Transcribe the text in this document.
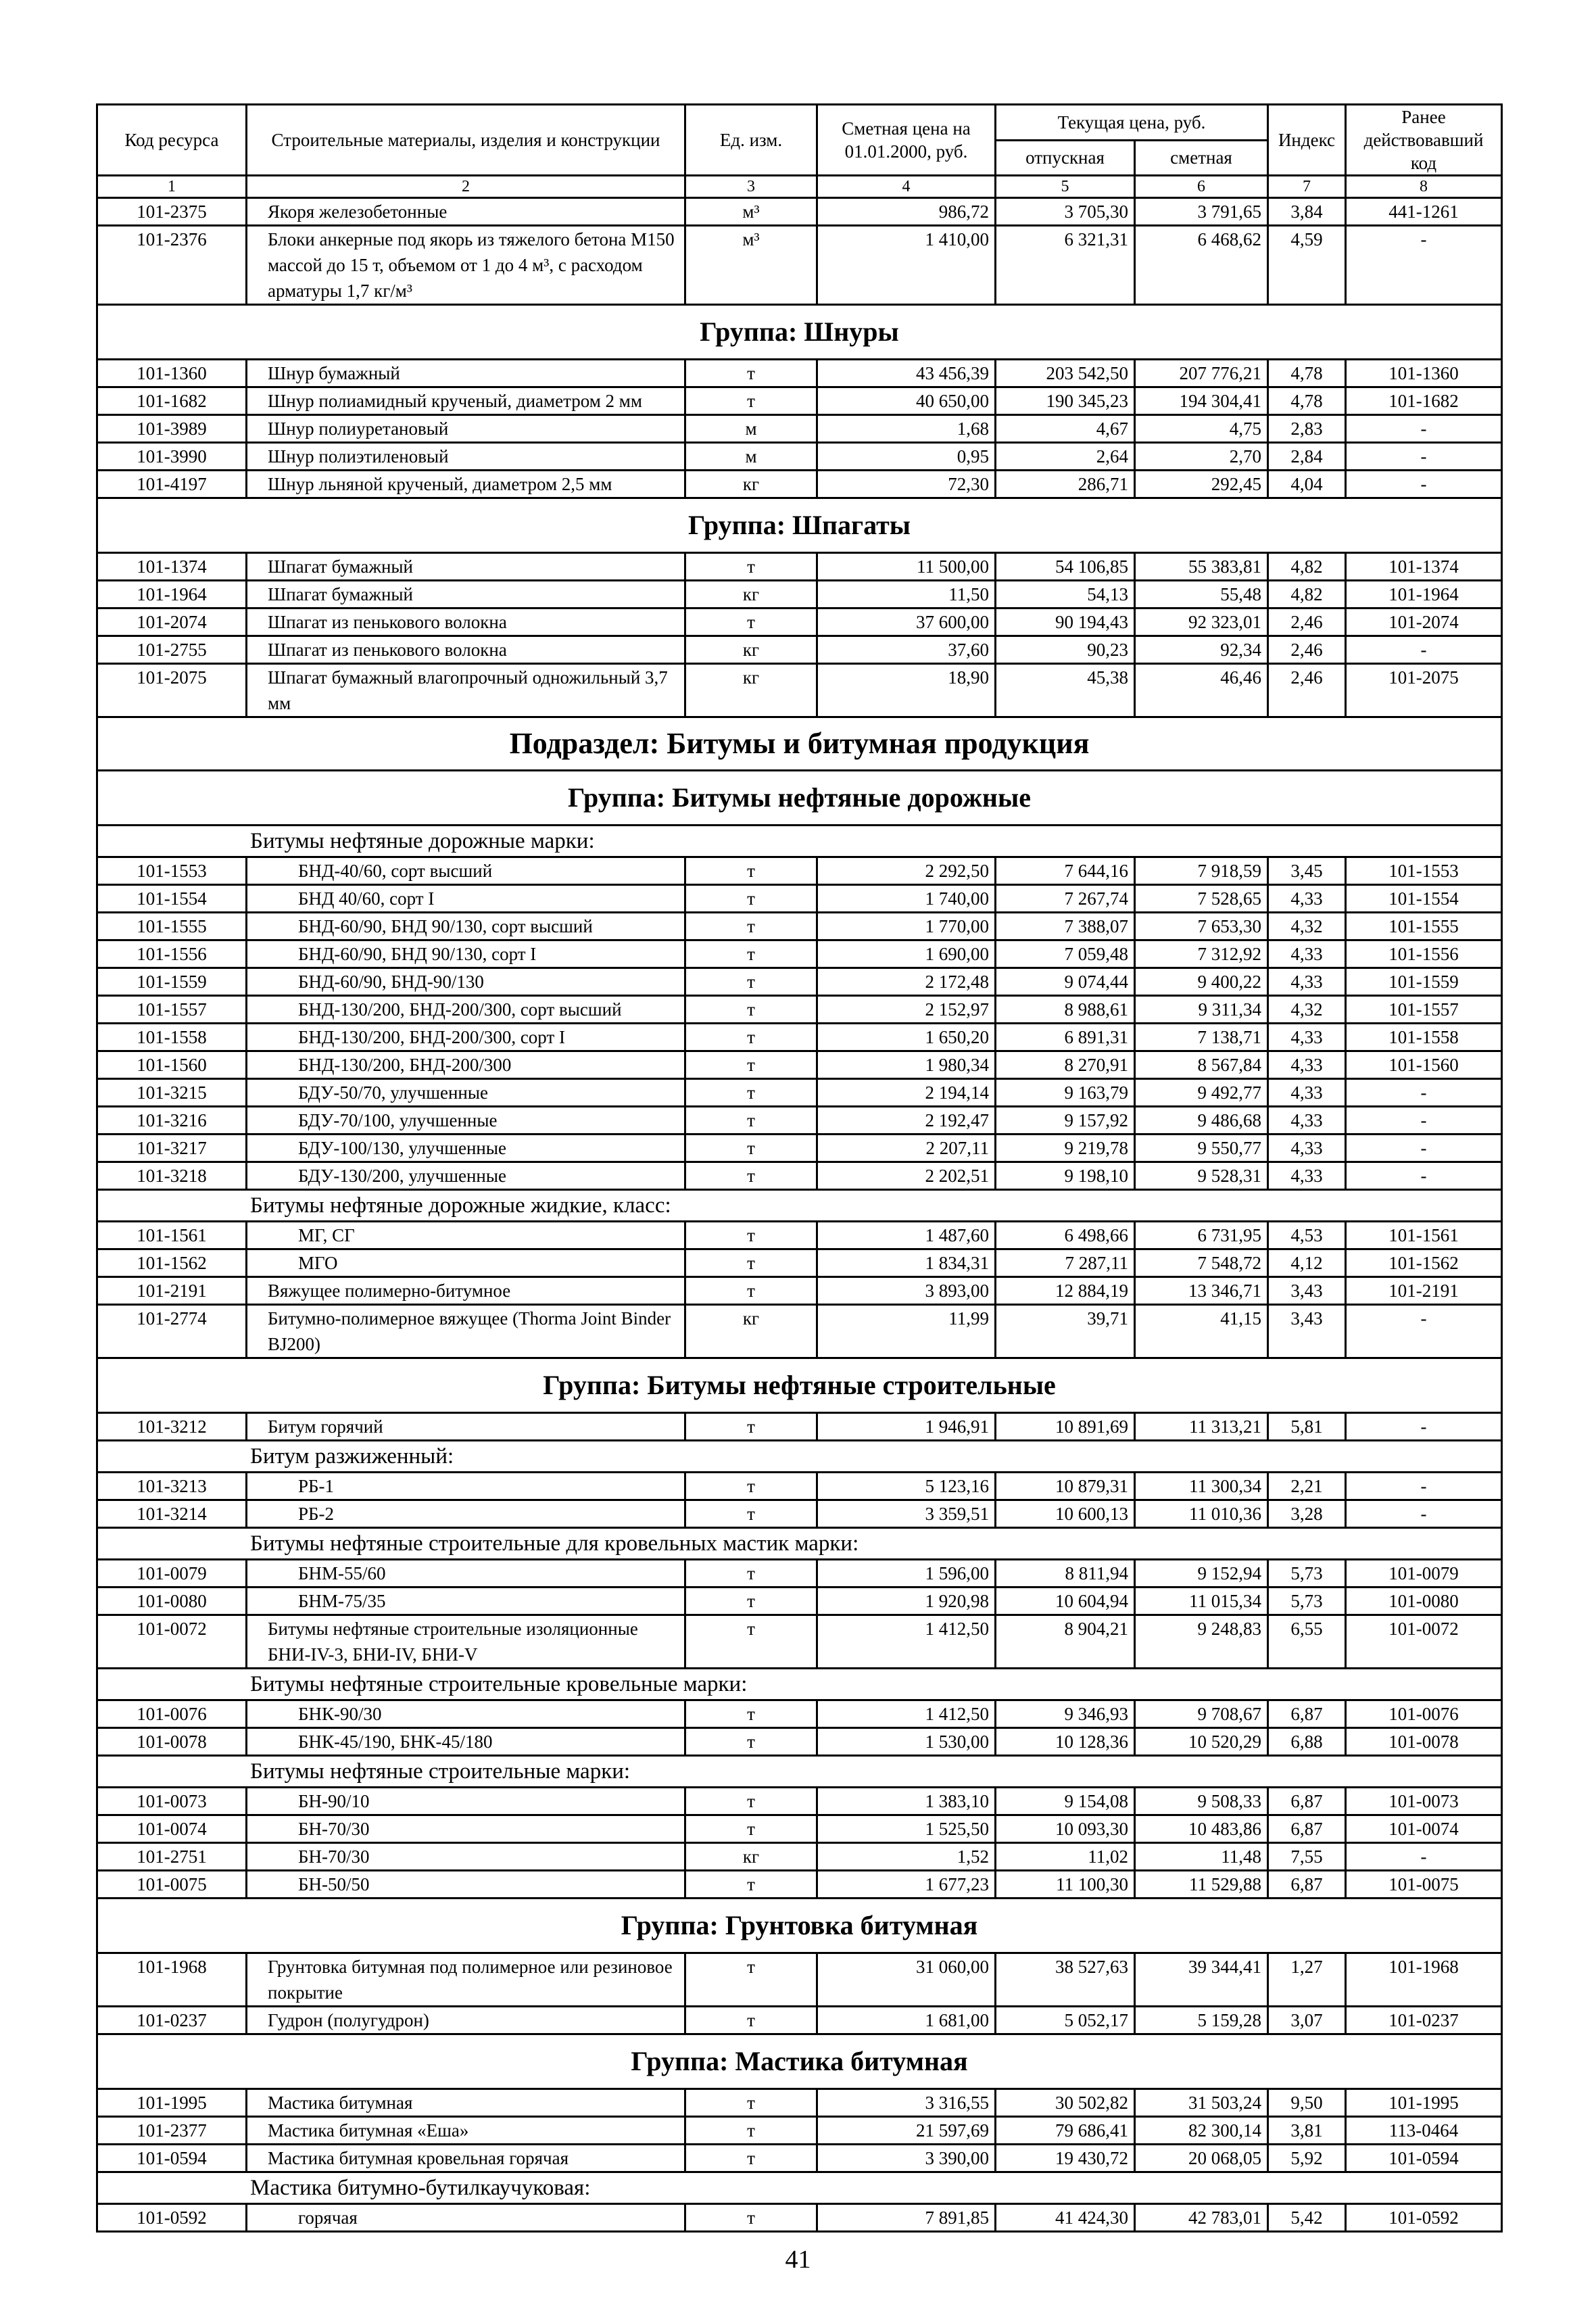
Код ресурса	Строительные материалы, изделия и конструкции	Ед. изм.	Сметная цена на 01.01.2000, руб.	Текущая цена, руб.		Индекс	Ранее действовавший код
				отпускная	сметная		
1	2	3	4	5	6	7	8
101-2375	Якоря железобетонные	м³	986,72	3 705,30	3 791,65	3,84	441-1261
101-2376	Блоки анкерные под якорь из тяжелого бетона М150 массой до 15 т, объемом от 1 до 4 м³, с расходом арматуры 1,7 кг/м³	м³	1 410,00	6 321,31	6 468,62	4,59	-
Группа: Шнуры							
101-1360	Шнур бумажный	т	43 456,39	203 542,50	207 776,21	4,78	101-1360
101-1682	Шнур полиамидный крученый, диаметром 2 мм	т	40 650,00	190 345,23	194 304,41	4,78	101-1682
101-3989	Шнур полиуретановый	м	1,68	4,67	4,75	2,83	-
101-3990	Шнур полиэтиленовый	м	0,95	2,64	2,70	2,84	-
101-4197	Шнур льняной крученый, диаметром 2,5 мм	кг	72,30	286,71	292,45	4,04	-
Группа: Шпагаты							
101-1374	Шпагат бумажный	т	11 500,00	54 106,85	55 383,81	4,82	101-1374
101-1964	Шпагат бумажный	кг	11,50	54,13	55,48	4,82	101-1964
101-2074	Шпагат из пенькового волокна	т	37 600,00	90 194,43	92 323,01	2,46	101-2074
101-2755	Шпагат из пенькового волокна	кг	37,60	90,23	92,34	2,46	-
101-2075	Шпагат бумажный влагопрочный одножильный 3,7 мм	кг	18,90	45,38	46,46	2,46	101-2075
Подраздел: Битумы и битумная продукция							
Группа: Битумы нефтяные дорожные							
Битумы нефтяные дорожные марки:							
101-1553	БНД-40/60, сорт высший	т	2 292,50	7 644,16	7 918,59	3,45	101-1553
101-1554	БНД 40/60, сорт I	т	1 740,00	7 267,74	7 528,65	4,33	101-1554
101-1555	БНД-60/90, БНД 90/130, сорт высший	т	1 770,00	7 388,07	7 653,30	4,32	101-1555
101-1556	БНД-60/90, БНД 90/130, сорт I	т	1 690,00	7 059,48	7 312,92	4,33	101-1556
101-1559	БНД-60/90, БНД-90/130	т	2 172,48	9 074,44	9 400,22	4,33	101-1559
101-1557	БНД-130/200, БНД-200/300, сорт высший	т	2 152,97	8 988,61	9 311,34	4,32	101-1557
101-1558	БНД-130/200, БНД-200/300, сорт I	т	1 650,20	6 891,31	7 138,71	4,33	101-1558
101-1560	БНД-130/200, БНД-200/300	т	1 980,34	8 270,91	8 567,84	4,33	101-1560
101-3215	БДУ-50/70, улучшенные	т	2 194,14	9 163,79	9 492,77	4,33	-
101-3216	БДУ-70/100, улучшенные	т	2 192,47	9 157,92	9 486,68	4,33	-
101-3217	БДУ-100/130, улучшенные	т	2 207,11	9 219,78	9 550,77	4,33	-
101-3218	БДУ-130/200, улучшенные	т	2 202,51	9 198,10	9 528,31	4,33	-
Битумы нефтяные дорожные жидкие, класс:							
101-1561	МГ, СГ	т	1 487,60	6 498,66	6 731,95	4,53	101-1561
101-1562	МГО	т	1 834,31	7 287,11	7 548,72	4,12	101-1562
101-2191	Вяжущее полимерно-битумное	т	3 893,00	12 884,19	13 346,71	3,43	101-2191
101-2774	Битумно-полимерное вяжущее (Thorma Joint Binder BJ200)	кг	11,99	39,71	41,15	3,43	-
Группа: Битумы нефтяные строительные							
101-3212	Битум горячий	т	1 946,91	10 891,69	11 313,21	5,81	-
Битум разжиженный:							
101-3213	РБ-1	т	5 123,16	10 879,31	11 300,34	2,21	-
101-3214	РБ-2	т	3 359,51	10 600,13	11 010,36	3,28	-
Битумы нефтяные строительные для кровельных мастик марки:							
101-0079	БНМ-55/60	т	1 596,00	8 811,94	9 152,94	5,73	101-0079
101-0080	БНМ-75/35	т	1 920,98	10 604,94	11 015,34	5,73	101-0080
101-0072	Битумы нефтяные строительные изоляционные БНИ-IV-3, БНИ-IV, БНИ-V	т	1 412,50	8 904,21	9 248,83	6,55	101-0072
Битумы нефтяные строительные кровельные марки:							
101-0076	БНК-90/30	т	1 412,50	9 346,93	9 708,67	6,87	101-0076
101-0078	БНК-45/190, БНК-45/180	т	1 530,00	10 128,36	10 520,29	6,88	101-0078
Битумы нефтяные строительные марки:							
101-0073	БН-90/10	т	1 383,10	9 154,08	9 508,33	6,87	101-0073
101-0074	БН-70/30	т	1 525,50	10 093,30	10 483,86	6,87	101-0074
101-2751	БН-70/30	кг	1,52	11,02	11,48	7,55	-
101-0075	БН-50/50	т	1 677,23	11 100,30	11 529,88	6,87	101-0075
Группа: Грунтовка битумная							
101-1968	Грунтовка битумная под полимерное или резиновое покрытие	т	31 060,00	38 527,63	39 344,41	1,27	101-1968
101-0237	Гудрон (полугудрон)	т	1 681,00	5 052,17	5 159,28	3,07	101-0237
Группа: Мастика битумная							
101-1995	Мастика битумная	т	3 316,55	30 502,82	31 503,24	9,50	101-1995
101-2377	Мастика битумная «Еша»	т	21 597,69	79 686,41	82 300,14	3,81	113-0464
101-0594	Мастика битумная кровельная горячая	т	3 390,00	19 430,72	20 068,05	5,92	101-0594
Мастика битумно-бутилкаучуковая:							
101-0592	горячая	т	7 891,85	41 424,30	42 783,01	5,42	101-0592
41
